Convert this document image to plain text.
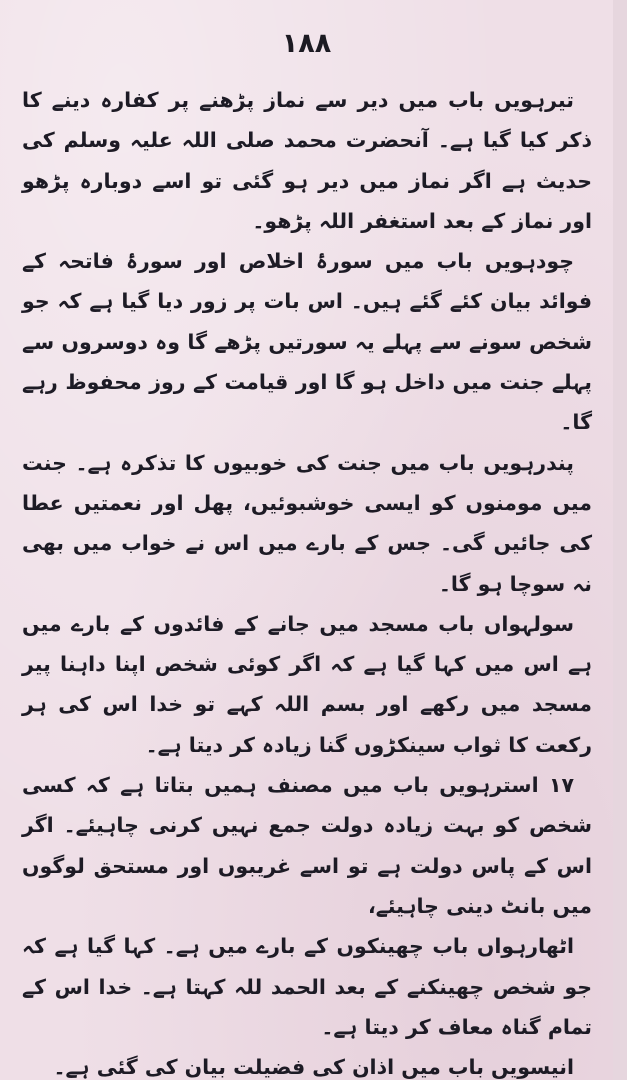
۱۸۸

تیرہویں باب میں دیر سے نماز پڑھنے پر کفارہ دینے کا ذکر کیا گیا ہے۔ آنحضرت محمد صلی اللہ علیہ وسلم کی حدیث ہے اگر نماز میں دیر ہو گئی تو اسے دوبارہ پڑھو اور نماز کے بعد استغفر اللہ پڑھو۔

چودہویں باب میں سورۂ اخلاص اور سورۂ فاتحہ کے فوائد بیان کئے گئے ہیں۔ اس بات پر زور دیا گیا ہے کہ جو شخص سونے سے پہلے یہ سورتیں پڑھے گا وہ دوسروں سے پہلے جنت میں داخل ہو گا اور قیامت کے روز محفوظ رہے گا۔

پندرہویں باب میں جنت کی خوبیوں کا تذکرہ ہے۔ جنت میں مومنوں کو ایسی خوشبوئیں، پھل اور نعمتیں عطا کی جائیں گی۔ جس کے بارے میں اس نے خواب میں بھی نہ سوچا ہو گا۔

سولہواں باب مسجد میں جانے کے فائدوں کے بارے میں ہے اس میں کہا گیا ہے کہ اگر کوئی شخص اپنا داہنا پیر مسجد میں رکھے اور بسم اللہ کہے تو خدا اس کی ہر رکعت کا ثواب سینکڑوں گنا زیادہ کر دیتا ہے۔

۱۷ استرہویں باب میں مصنف ہمیں بتاتا ہے کہ کسی شخص کو بہت زیادہ دولت جمع نہیں کرنی چاہیئے۔ اگر اس کے پاس دولت ہے تو اسے غریبوں اور مستحق لوگوں میں بانٹ دینی چاہیئے،

اٹھارہواں باب چھینکوں کے بارے میں ہے۔ کہا گیا ہے کہ جو شخص چھینکنے کے بعد الحمد للہ کہتا ہے۔ خدا اس کے تمام گناہ معاف کر دیتا ہے۔

انیسویں باب میں اذان کی فضیلت بیان کی گئی ہے۔
